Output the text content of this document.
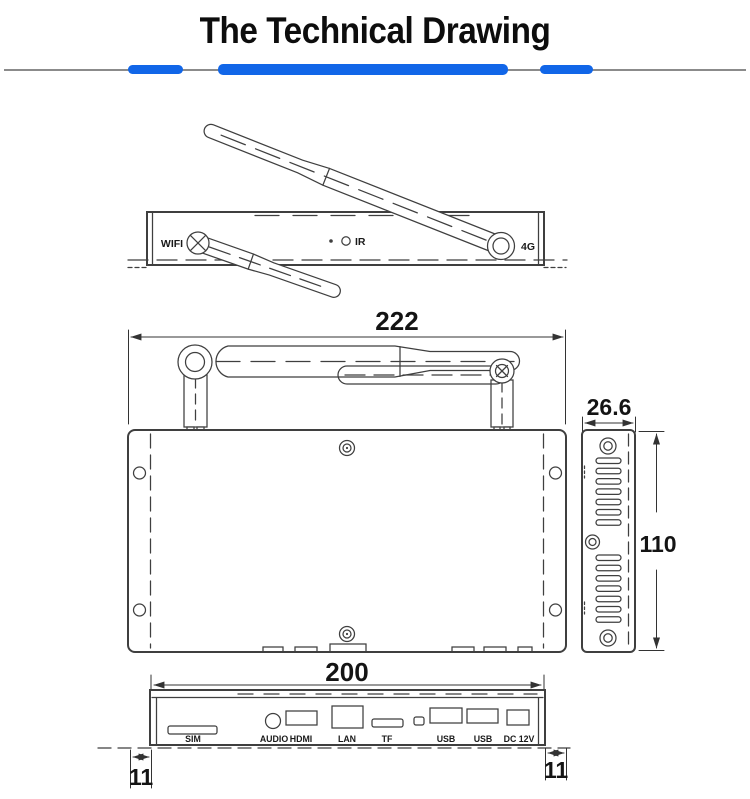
The Technical Drawing
WIFI	IR	4G
222
26.6
110
200
SIM	AUDIO HDMI	LAN	TF	USB USB DC 12V
11	11
